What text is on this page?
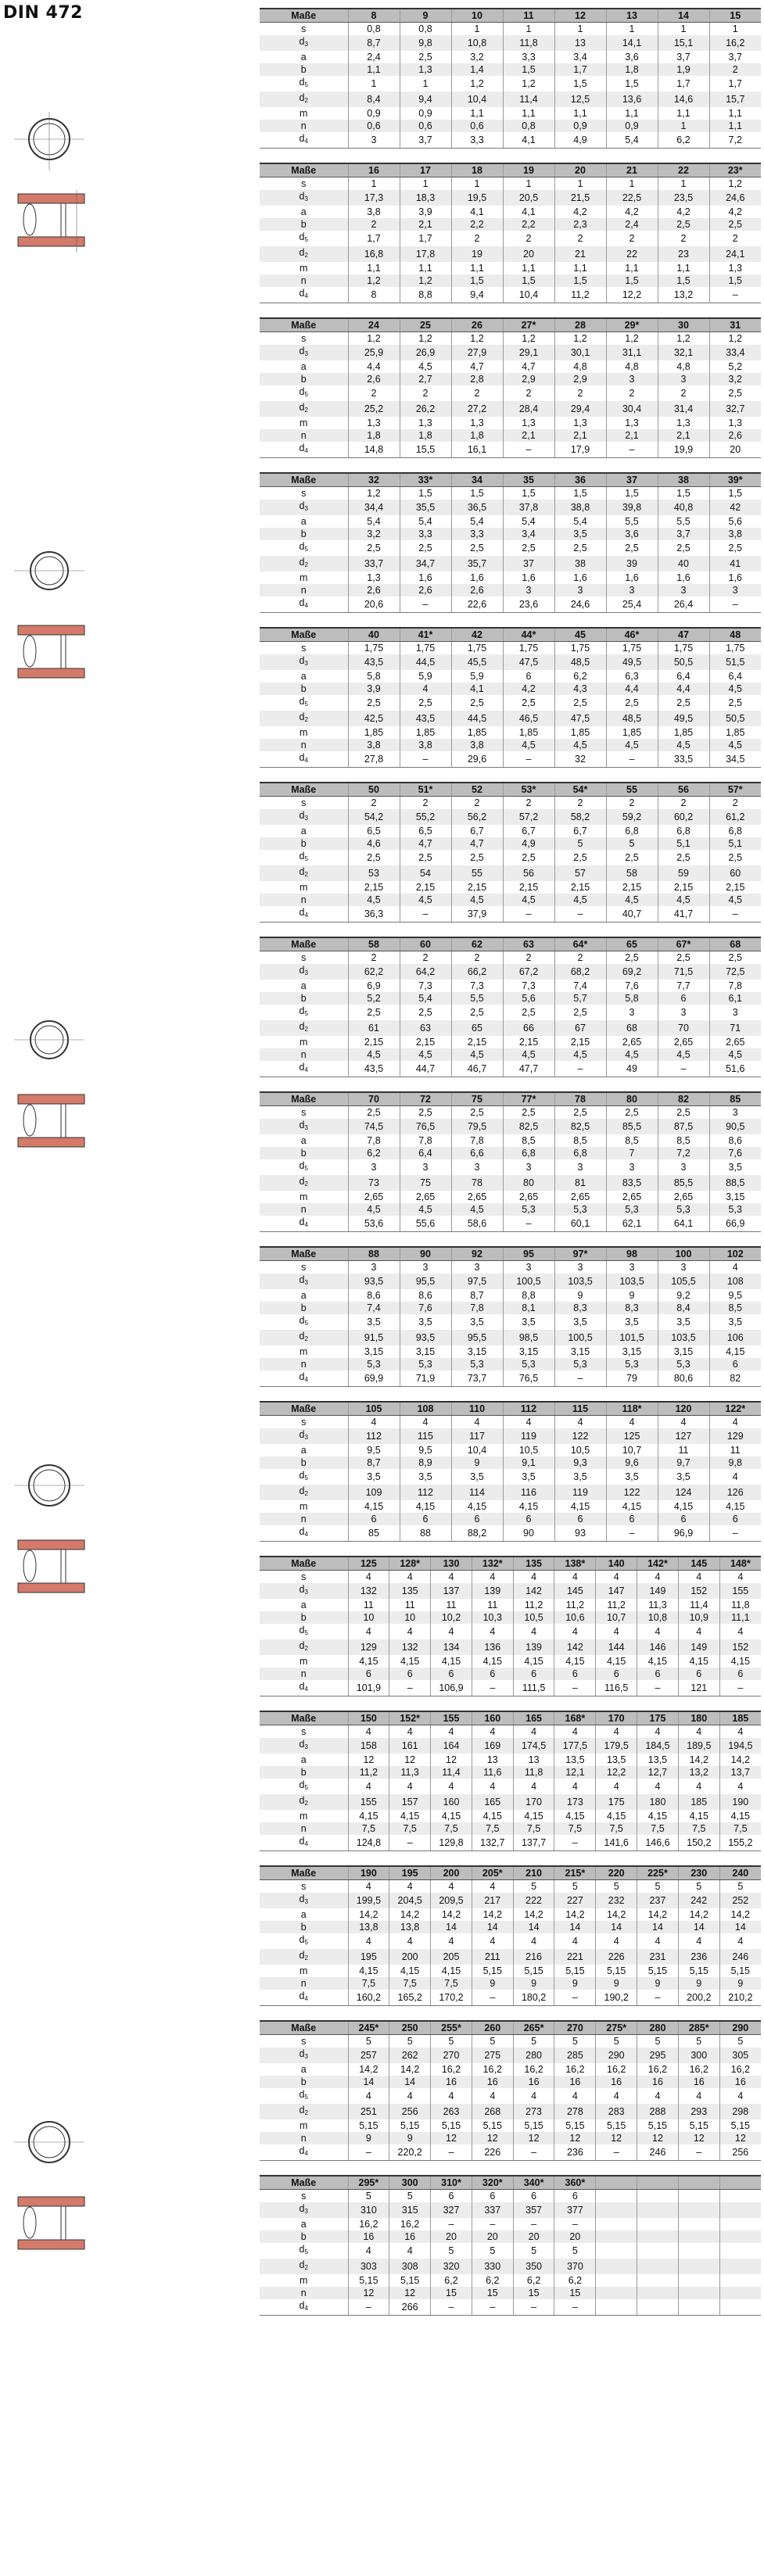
DIN 472	Maße	8	9	10	11	12	13	14	15
s	0,8	0,8	1	1	1	1	1	1
$d_3$	8,7	9,8	10,8	11,8	13	14,1	15,1	16,2
a	2,4	2,5	3,2	3,3	3,4	3,6	3,7	3,7
b	1,1	1,3	1,4	1,5	1,7	1,8	1,9	2
$d_5$	1	1	1,2	1,2	1,5	1,5	1,7	1,7
$d_2$	8,4	9,4	10,4	11,4	12,5	13,6	14,6	15,7
m	0,9	0,9	1,1	1,1	1,1	1,1	1,1	1,1
n	0,6	0,6	0,6	0,8	0,9	0,9	1	1,1
$d_4$	3	3,7	3,3	4,1	4,9	5,4	6,2	7,2
Maße	16	17	18	19	20	21	22	23*
s	1	1	1	1	1	1	1	1,2
$d_3$	17,3	18,3	19,5	20,5	21,5	22,5	23,5	24,6
a	3,8	3,9	4,1	4,1	4,2	4,2	4,2	4,2
b	2	2,1	2,2	2,2	2,3	2,4	2,5	2,5
$d_5$	1,7	1,7	2	2	2	2	2	2
$d_2$	16,8	17,8	19	20	21	22	23	24,1
m	1,1	1,1	1,1	1,1	1,1	1,1	1,1	1,3
n	1,2	1,2	1,5	1,5	1,5	1,5	1,5	1,5
$d_4$	8	8,8	9,4	10,4	11,2	12,2	13,2	–
Maße	24	25	26	27*	28	29*	30	31
s	1,2	1,2	1,2	1,2	1,2	1,2	1,2	1,2
$d_3$	25,9	26,9	27,9	29,1	30,1	31,1	32,1	33,4
a	4,4	4,5	4,7	4,7	4,8	4,8	4,8	5,2
b	2,6	2,7	2,8	2,9	2,9	3	3	3,2
$d_5$	2	2	2	2	2	2	2	2,5
$d_2$	25,2	26,2	27,2	28,4	29,4	30,4	31,4	32,7
m	1,3	1,3	1,3	1,3	1,3	1,3	1,3	1,3
n	1,8	1,8	1,8	2,1	2,1	2,1	2,1	2,6
$d_4$	14,8	15,5	16,1	–	17,9	–	19,9	20
Maße	32	33*	34	35	36	37	38	39*
s	1,2	1,5	1,5	1,5	1,5	1,5	1,5	1,5
$d_3$	34,4	35,5	36,5	37,8	38,8	39,8	40,8	42
a	5,4	5,4	5,4	5,4	5,4	5,5	5,5	5,6
b	3,2	3,3	3,3	3,4	3,5	3,6	3,7	3,8
$d_5$	2,5	2,5	2,5	2,5	2,5	2,5	2,5	2,5
$d_2$	33,7	34,7	35,7	37	38	39	40	41
m	1,3	1,6	1,6	1,6	1,6	1,6	1,6	1,6
n	2,6	2,6	2,6	3	3	3	3	3
$d_4$	20,6	–	22,6	23,6	24,6	25,4	26,4	–
Maße	40	41*	42	44*	45	46*	47	48
s	1,75	1,75	1,75	1,75	1,75	1,75	1,75	1,75
$d_3$	43,5	44,5	45,5	47,5	48,5	49,5	50,5	51,5
a	5,8	5,9	5,9	6	6,2	6,3	6,4	6,4
b	3,9	4	4,1	4,2	4,3	4,4	4,4	4,5
$d_5$	2,5	2,5	2,5	2,5	2,5	2,5	2,5	2,5
$d_2$	42,5	43,5	44,5	46,5	47,5	48,5	49,5	50,5
m	1,85	1,85	1,85	1,85	1,85	1,85	1,85	1,85
n	3,8	3,8	3,8	4,5	4,5	4,5	4,5	4,5
$d_4$	27,8	–	29,6	–	32	–	33,5	34,5
Maße	50	51*	52	53*	54*	55	56	57*
s	2	2	2	2	2	2	2	2
$d_3$	54,2	55,2	56,2	57,2	58,2	59,2	60,2	61,2
a	6,5	6,5	6,7	6,7	6,7	6,8	6,8	6,8
b	4,6	4,7	4,7	4,9	5	5	5,1	5,1
$d_5$	2,5	2,5	2,5	2,5	2,5	2,5	2,5	2,5
$d_2$	53	54	55	56	57	58	59	60
m	2,15	2,15	2,15	2,15	2,15	2,15	2,15	2,15
n	4,5	4,5	4,5	4,5	4,5	4,5	4,5	4,5
$d_4$	36,3	–	37,9	–	–	40,7	41,7	–
Maße	58	60	62	63	64*	65	67*	68
s	2	2	2	2	2	2,5	2,5	2,5
$d_3$	62,2	64,2	66,2	67,2	68,2	69,2	71,5	72,5
a	6,9	7,3	7,3	7,3	7,4	7,6	7,7	7,8
b	5,2	5,4	5,5	5,6	5,7	5,8	6	6,1
$d_5$	2,5	2,5	2,5	2,5	2,5	3	3	3
$d_2$	61	63	65	66	67	68	70	71
m	2,15	2,15	2,15	2,15	2,15	2,65	2,65	2,65
n	4,5	4,5	4,5	4,5	4,5	4,5	4,5	4,5
$d_4$	43,5	44,7	46,7	47,7	–	49	–	51,6
Maße	70	72	75	77*	78	80	82	85
s	2,5	2,5	2,5	2,5	2,5	2,5	2,5	3
$d_3$	74,5	76,5	79,5	82,5	82,5	85,5	87,5	90,5
a	7,8	7,8	7,8	8,5	8,5	8,5	8,5	8,6
b	6,2	6,4	6,6	6,8	6,8	7	7,2	7,6
$d_5$	3	3	3	3	3	3	3	3,5
$d_2$	73	75	78	80	81	83,5	85,5	88,5
m	2,65	2,65	2,65	2,65	2,65	2,65	2,65	3,15
n	4,5	4,5	4,5	5,3	5,3	5,3	5,3	5,3
$d_4$	53,6	55,6	58,6	–	60,1	62,1	64,1	66,9
Maße	88	90	92	95	97*	98	100	102
s	3	3	3	3	3	3	3	4
$d_3$	93,5	95,5	97,5	100,5	103,5	103,5	105,5	108
a	8,6	8,6	8,7	8,8	9	9	9,2	9,5
b	7,4	7,6	7,8	8,1	8,3	8,3	8,4	8,5
$d_5$	3,5	3,5	3,5	3,5	3,5	3,5	3,5	3,5
$d_2$	91,5	93,5	95,5	98,5	100,5	101,5	103,5	106
m	3,15	3,15	3,15	3,15	3,15	3,15	3,15	4,15
n	5,3	5,3	5,3	5,3	5,3	5,3	5,3	6
$d_4$	69,9	71,9	73,7	76,5	–	79	80,6	82
Maße	105	108	110	112	115	118*	120	122*
s	4	4	4	4	4	4	4	4
$d_3$	112	115	117	119	122	125	127	129
a	9,5	9,5	10,4	10,5	10,5	10,7	11	11
b	8,7	8,9	9	9,1	9,3	9,6	9,7	9,8
$d_5$	3,5	3,5	3,5	3,5	3,5	3,5	3,5	4
$d_2$	109	112	114	116	119	122	124	126
m	4,15	4,15	4,15	4,15	4,15	4,15	4,15	4,15
n	6	6	6	6	6	6	6	6
$d_4$	85	88	88,2	90	93	–	96,9	–
Maße	125	128*	130	132*	135	138*	140	142*	145	148*
s	4	4	4	4	4	4	4	4	4	4
$d_3$	132	135	137	139	142	145	147	149	152	155
a	11	11	11	11	11,2	11,2	11,2	11,3	11,4	11,8
b	10	10	10,2	10,3	10,5	10,6	10,7	10,8	10,9	11,1
$d_5$	4	4	4	4	4	4	4	4	4	4
$d_2$	129	132	134	136	139	142	144	146	149	152
m	4,15	4,15	4,15	4,15	4,15	4,15	4,15	4,15	4,15	4,15
n	6	6	6	6	6	6	6	6	6	6
$d_4$	101,9	–	106,9	–	111,5	–	116,5	–	121	–
Maße	150	152*	155	160	165	168*	170	175	180	185
s	4	4	4	4	4	4	4	4	4	4
$d_3$	158	161	164	169	174,5	177,5	179,5	184,5	189,5	194,5
a	12	12	12	13	13	13,5	13,5	13,5	14,2	14,2
b	11,2	11,3	11,4	11,6	11,8	12,1	12,2	12,7	13,2	13,7
$d_5$	4	4	4	4	4	4	4	4	4	4
$d_2$	155	157	160	165	170	173	175	180	185	190
m	4,15	4,15	4,15	4,15	4,15	4,15	4,15	4,15	4,15	4,15
n	7,5	7,5	7,5	7,5	7,5	7,5	7,5	7,5	7,5	7,5
$d_4$	124,8	–	129,8	132,7	137,7	–	141,6	146,6	150,2	155,2
Maße	190	195	200	205*	210	215*	220	225*	230	240
s	4	4	4	4	5	5	5	5	5	5
$d_3$	199,5	204,5	209,5	217	222	227	232	237	242	252
a	14,2	14,2	14,2	14,2	14,2	14,2	14,2	14,2	14,2	14,2
b	13,8	13,8	14	14	14	14	14	14	14	14
$d_5$	4	4	4	4	4	4	4	4	4	4
$d_2$	195	200	205	211	216	221	226	231	236	246
m	4,15	4,15	4,15	5,15	5,15	5,15	5,15	5,15	5,15	5,15
n	7,5	7,5	7,5	9	9	9	9	9	9	9
$d_4$	160,2	165,2	170,2	–	180,2	–	190,2	–	200,2	210,2
Maße	245*	250	255*	260	265*	270	275*	280	285*	290
s	5	5	5	5	5	5	5	5	5	5
$d_3$	257	262	270	275	280	285	290	295	300	305
a	14,2	14,2	16,2	16,2	16,2	16,2	16,2	16,2	16,2	16,2
b	14	14	16	16	16	16	16	16	16	16
$d_5$	4	4	4	4	4	4	4	4	4	4
$d_2$	251	256	263	268	273	278	283	288	293	298
m	5,15	5,15	5,15	5,15	5,15	5,15	5,15	5,15	5,15	5,15
n	9	9	12	12	12	12	12	12	12	12
$d_4$	–	220,2	–	226	–	236	–	246	–	256
Maße	295*	300	310*	320*	340*	360*				
s	5	5	6	6	6	6				
$d_3$	310	315	327	337	357	377				
a	16,2	16,2	–	–	–	–				
b	16	16	20	20	20	20				
$d_5$	4	4	5	5	5	5				
$d_2$	303	308	320	330	350	370				
m	5,15	5,15	6,2	6,2	6,2	6,2				
n	12	12	15	15	15	15				
$d_4$	–	266	–	–	–	–				
